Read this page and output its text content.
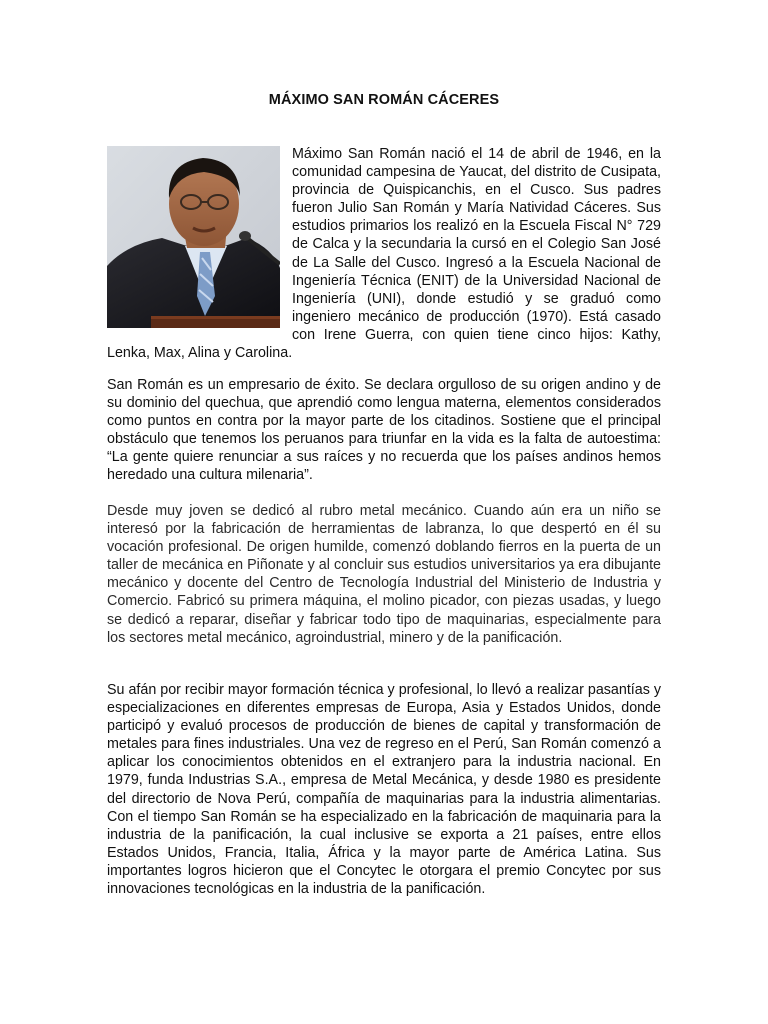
MÁXIMO SAN ROMÁN CÁCERES

Máximo San Román nació el 14 de abril de 1946, en la comunidad campesina de Yaucat, del distrito de Cusipata, provincia de Quispicanchis, en el Cusco. Sus padres fueron Julio San Román y María Natividad Cáceres. Sus estudios primarios los realizó en la Escuela Fiscal N° 729 de Calca y la secundaria la cursó en el Colegio San José de La Salle del Cusco. Ingresó a la Escuela Nacional de Ingeniería Técnica (ENIT) de la Universidad Nacional de Ingeniería (UNI), donde estudió y se graduó como ingeniero mecánico de producción (1970). Está casado con Irene Guerra, con quien tiene cinco hijos: Kathy, Lenka, Max, Alina y Carolina.

San Román es un empresario de éxito. Se declara orgulloso de su origen andino y de su dominio del quechua, que aprendió como lengua materna, elementos considerados como puntos en contra por la mayor parte de los citadinos. Sostiene que el principal obstáculo que tenemos los peruanos para triunfar en la vida es la falta de autoestima: “La gente quiere renunciar a sus raíces y no recuerda que los países andinos hemos heredado una cultura milenaria”.

Desde muy joven se dedicó al rubro metal mecánico. Cuando aún era un niño se interesó por la fabricación de herramientas de labranza, lo que despertó en él su vocación profesional. De origen humilde, comenzó doblando fierros en la puerta de un taller de mecánica en Piñonate y al concluir sus estudios universitarios ya era dibujante mecánico y docente del Centro de Tecnología Industrial del Ministerio de Industria y Comercio. Fabricó su primera máquina, el molino picador, con piezas usadas, y luego se dedicó a reparar, diseñar y fabricar todo tipo de maquinarias, especialmente para los sectores metal mecánico, agroindustrial, minero y de la panificación.

Su afán por recibir mayor formación técnica y profesional, lo llevó a realizar pasantías y especializaciones en diferentes empresas de Europa, Asia y Estados Unidos, donde participó y evaluó procesos de producción de bienes de capital y transformación de metales para fines industriales. Una vez de regreso en el Perú, San Román comenzó a aplicar los conocimientos obtenidos en el extranjero para la industria nacional. En 1979, funda Industrias S.A., empresa de Metal Mecánica, y desde 1980 es presidente del directorio de Nova Perú, compañía de maquinarias para la industria alimentarias. Con el tiempo San Román se ha especializado en la fabricación de maquinaria para la industria de la panificación, la cual inclusive se exporta a 21 países, entre ellos Estados Unidos, Francia, Italia, África y la mayor parte de América Latina. Sus importantes logros hicieron que el Concytec le otorgara el premio Concytec por sus innovaciones tecnológicas en la industria de la panificación.
